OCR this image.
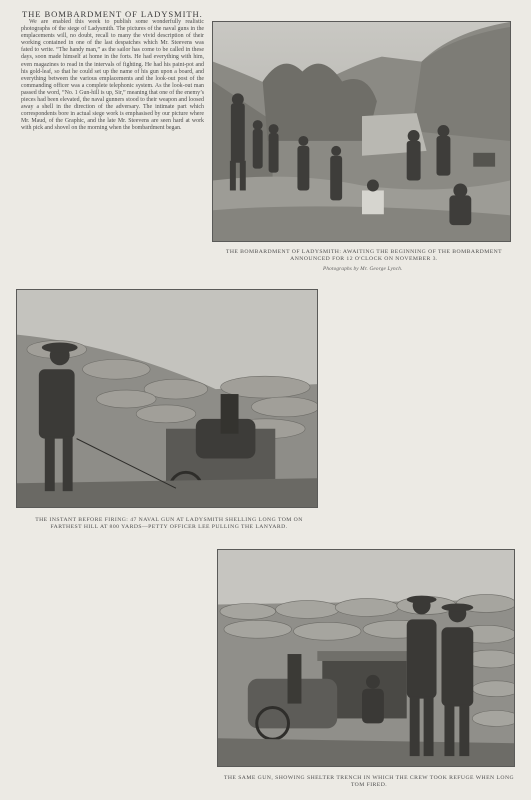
THE BOMBARDMENT OF LADYSMITH.
We are enabled this week to publish some wonderfully realistic photographs of the siege of Ladysmith. The pictures of the naval guns in the emplacements will, no doubt, recall to many the vivid description of their working contained in one of the last despatches which Mr. Steevens was fated to write. “The handy man,” as the sailor has come to be called in these days, soon made himself at home in the forts. He had everything with him, even magazines to read in the intervals of fighting. He had his paint-pot and his gold-leaf, so that he could set up the name of his gun upon a board, and everything between the various emplacements and the look-out post of the commanding officer was a complete telephonic system. As the look-out man passed the word, “No. 1 Gun-hill is up, Sir,” meaning that one of the enemy’s pieces had been elevated, the naval gunners stood to their weapon and loosed away a shell in the direction of the adversary. The intimate part which correspondents bore in actual siege work is emphasised by our picture where Mr. Maud, of the Graphic, and the late Mr. Steevens are seen hard at work with pick and shovel on the morning when the bombardment began.
THE BOMBARDMENT OF LADYSMITH: AWAITING THE BEGINNING OF THE BOMBARDMENT ANNOUNCED FOR 12 O'CLOCK ON NOVEMBER 3.
Photographs by Mr. George Lynch.
THE INSTANT BEFORE FIRING: 47 NAVAL GUN AT LADYSMITH SHELLING LONG TOM ON FARTHEST HILL AT 800 YARDS—PETTY OFFICER LEE PULLING THE LANYARD.
THE SAME GUN, SHOWING SHELTER TRENCH IN WHICH THE CREW TOOK REFUGE WHEN LONG TOM FIRED.
